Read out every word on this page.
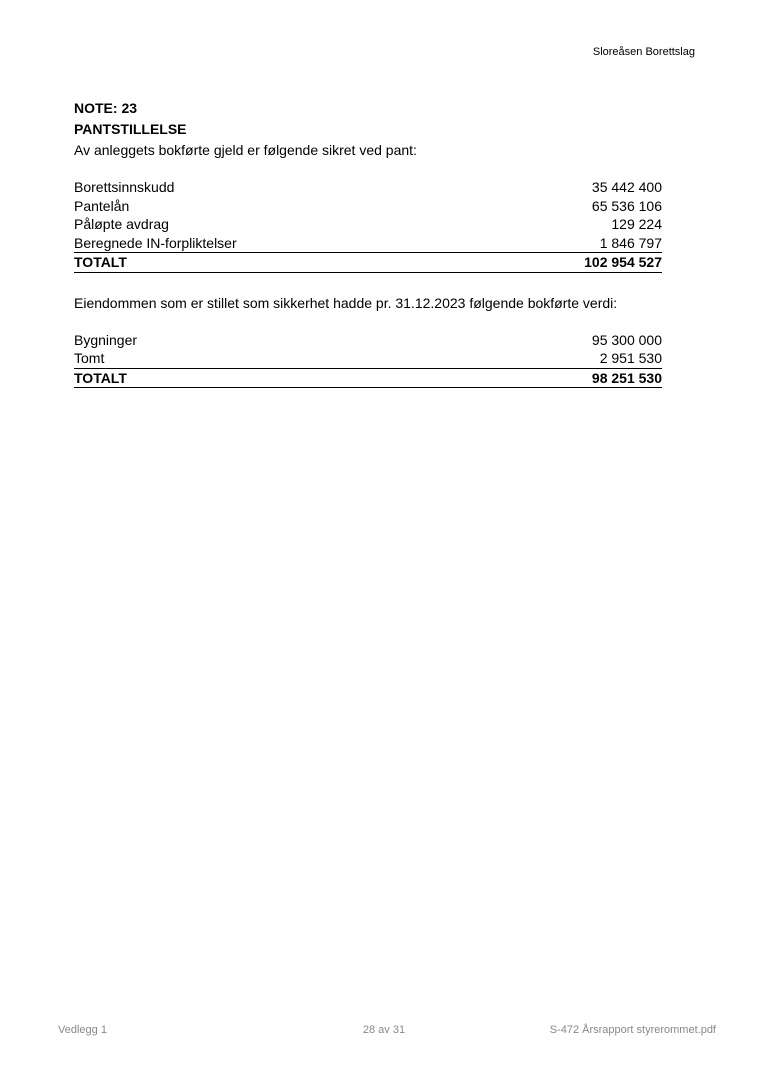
Sloreåsen Borettslag
NOTE: 23
PANTSTILLELSE
Av anleggets bokførte gjeld er følgende sikret ved pant:
Borettsinnskudd	35 442 400
Pantelån	65 536 106
Påløpte avdrag	129 224
Beregnede IN-forpliktelser	1 846 797
TOTALT	102 954 527
Eiendommen som er stillet som sikkerhet hadde pr. 31.12.2023 følgende bokførte verdi:
Bygninger	95 300 000
Tomt	2 951 530
TOTALT	98 251 530
Vedlegg 1	28 av 31	S-472 Årsrapport styrerommet.pdf
